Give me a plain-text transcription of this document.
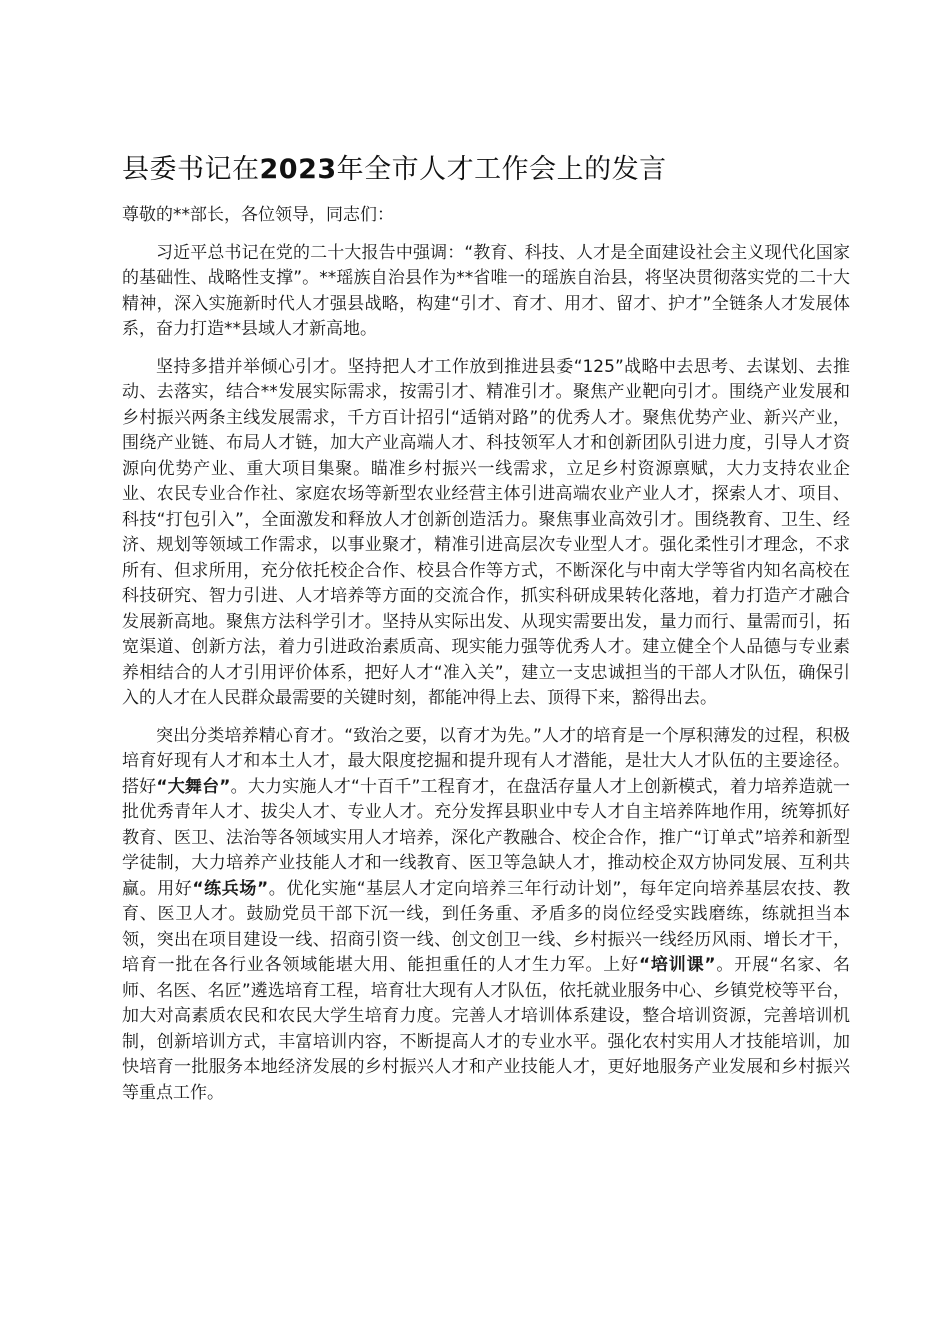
县委书记在2023年全市人才工作会上的发言

尊敬的**部长，各位领导，同志们：

习近平总书记在党的二十大报告中强调：“教育、科技、人才是全面建设社会主义现代化国家的基础性、战略性支撑”。**瑶族自治县作为**省唯一的瑶族自治县，将坚决贯彻落实党的二十大精神，深入实施新时代人才强县战略，构建“引才、育才、用才、留才、护才”全链条人才发展体系，奋力打造**县域人才新高地。

坚持多措并举倾心引才。坚持把人才工作放到推进县委“125”战略中去思考、去谋划、去推动、去落实，结合**发展实际需求，按需引才、精准引才。聚焦产业靶向引才。围绕产业发展和乡村振兴两条主线发展需求，千方百计招引“适销对路”的优秀人才。聚焦优势产业、新兴产业，围绕产业链、布局人才链，加大产业高端人才、科技领军人才和创新团队引进力度，引导人才资源向优势产业、重大项目集聚。瞄准乡村振兴一线需求，立足乡村资源禀赋，大力支持农业企业、农民专业合作社、家庭农场等新型农业经营主体引进高端农业产业人才，探索人才、项目、科技“打包引入”，全面激发和释放人才创新创造活力。聚焦事业高效引才。围绕教育、卫生、经济、规划等领域工作需求，以事业聚才，精准引进高层次专业型人才。强化柔性引才理念，不求所有、但求所用，充分依托校企合作、校县合作等方式，不断深化与中南大学等省内知名高校在科技研究、智力引进、人才培养等方面的交流合作，抓实科研成果转化落地，着力打造产才融合发展新高地。聚焦方法科学引才。坚持从实际出发、从现实需要出发，量力而行、量需而引，拓宽渠道、创新方法，着力引进政治素质高、现实能力强等优秀人才。建立健全个人品德与专业素养相结合的人才引用评价体系，把好人才“准入关”，建立一支忠诚担当的干部人才队伍，确保引入的人才在人民群众最需要的关键时刻，都能冲得上去、顶得下来，豁得出去。

突出分类培养精心育才。“致治之要，以育才为先。”人才的培育是一个厚积薄发的过程，积极培育好现有人才和本土人才，最大限度挖掘和提升现有人才潜能，是壮大人才队伍的主要途径。搭好“大舞台”。大力实施人才“十百千”工程育才，在盘活存量人才上创新模式，着力培养造就一批优秀青年人才、拔尖人才、专业人才。充分发挥县职业中专人才自主培养阵地作用，统筹抓好教育、医卫、法治等各领域实用人才培养，深化产教融合、校企合作，推广“订单式”培养和新型学徒制，大力培养产业技能人才和一线教育、医卫等急缺人才，推动校企双方协同发展、互利共赢。用好“练兵场”。优化实施“基层人才定向培养三年行动计划”，每年定向培养基层农技、教育、医卫人才。鼓励党员干部下沉一线，到任务重、矛盾多的岗位经受实践磨练，练就担当本领，突出在项目建设一线、招商引资一线、创文创卫一线、乡村振兴一线经历风雨、增长才干，培育一批在各行业各领域能堪大用、能担重任的人才生力军。上好“培训课”。开展“名家、名师、名医、名匠”遴选培育工程，培育壮大现有人才队伍，依托就业服务中心、乡镇党校等平台，加大对高素质农民和农民大学生培育力度。完善人才培训体系建设，整合培训资源，完善培训机制，创新培训方式，丰富培训内容，不断提高人才的专业水平。强化农村实用人才技能培训，加快培育一批服务本地经济发展的乡村振兴人才和产业技能人才，更好地服务产业发展和乡村振兴等重点工作。
